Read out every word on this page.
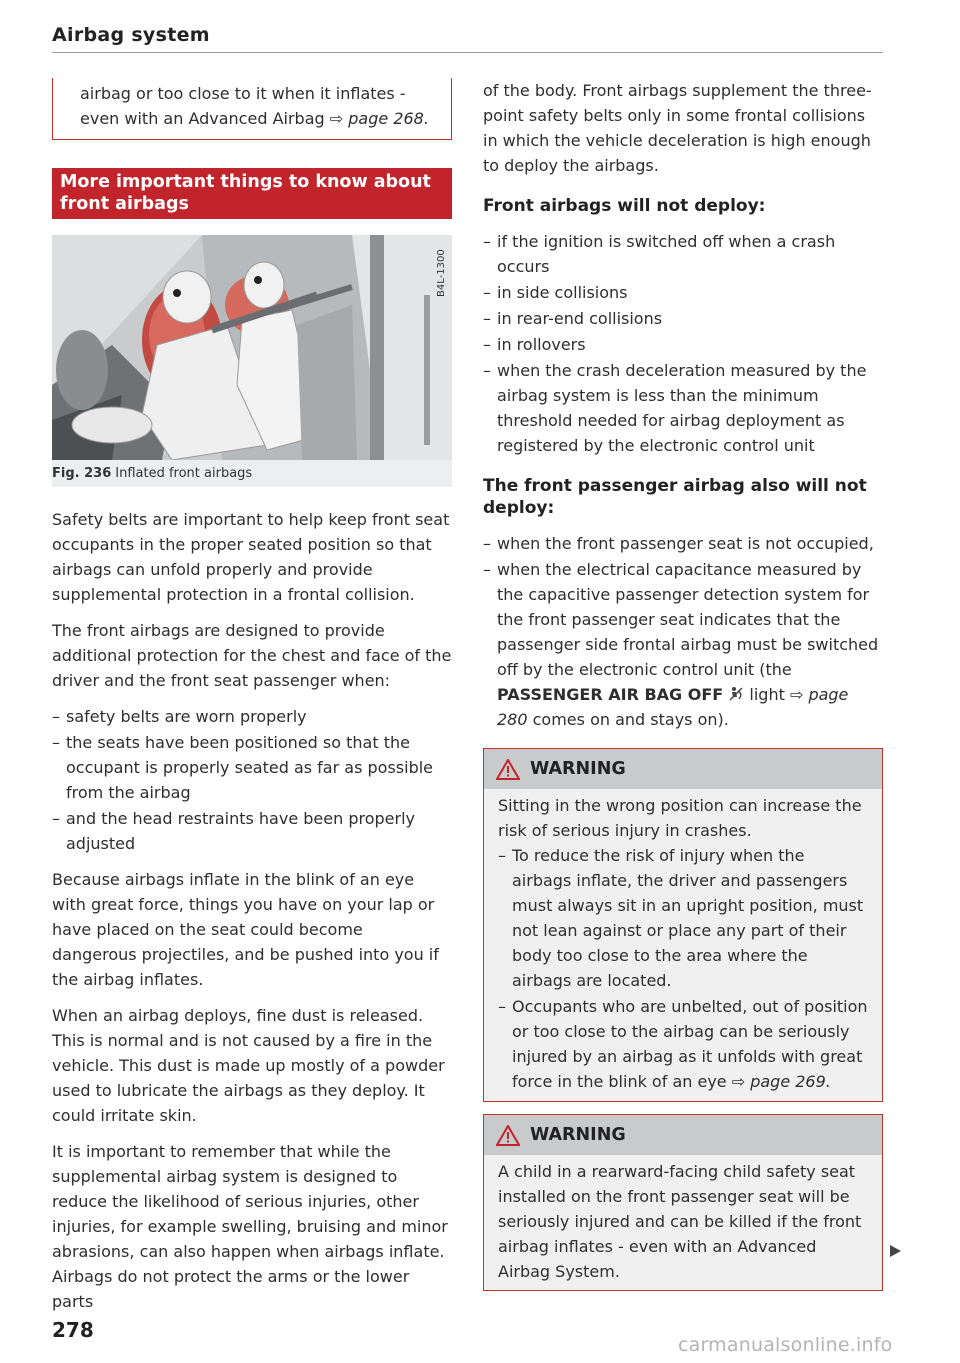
Airbag system
airbag or too close to it when it inflates - even with an Advanced Airbag ⇨ page 268.
More important things to know about front airbags
B4L-1300
Fig. 236 Inflated front airbags

Safety belts are important to help keep front seat occupants in the proper seated position so that airbags can unfold properly and provide supplemental protection in a frontal collision.

The front airbags are designed to provide additional protection for the chest and face of the driver and the front seat passenger when:

– safety belts are worn properly
– the seats have been positioned so that the occupant is properly seated as far as possible from the airbag
– and the head restraints have been properly adjusted

Because airbags inflate in the blink of an eye with great force, things you have on your lap or have placed on the seat could become dangerous projectiles, and be pushed into you if the airbag inflates.

When an airbag deploys, fine dust is released. This is normal and is not caused by a fire in the vehicle. This dust is made up mostly of a powder used to lubricate the airbags as they deploy. It could irritate skin.

It is important to remember that while the supplemental airbag system is designed to reduce the likelihood of serious injuries, other injuries, for example swelling, bruising and minor abrasions, can also happen when airbags inflate. Airbags do not protect the arms or the lower parts

of the body. Front airbags supplement the three-point safety belts only in some frontal collisions in which the vehicle deceleration is high enough to deploy the airbags.

Front airbags will not deploy:
– if the ignition is switched off when a crash occurs
– in side collisions
– in rear-end collisions
– in rollovers
– when the crash deceleration measured by the airbag system is less than the minimum threshold needed for airbag deployment as registered by the electronic control unit
The front passenger airbag also will not deploy:
– when the front passenger seat is not occupied,
– when the electrical capacitance measured by the capacitive passenger detection system for the front passenger seat indicates that the passenger side frontal airbag must be switched off by the electronic control unit (the PASSENGER AIR BAG OFF  light ⇨ page 280 comes on and stays on).
WARNING

Sitting in the wrong position can increase the risk of serious injury in crashes.

– To reduce the risk of injury when the airbags inflate, the driver and passengers must always sit in an upright position, must not lean against or place any part of their body too close to the area where the airbags are located.
– Occupants who are unbelted, out of position or too close to the airbag can be seriously injured by an airbag as it unfolds with great force in the blink of an eye ⇨ page 269.
WARNING

A child in a rearward-facing child safety seat installed on the front passenger seat will be seriously injured and can be killed if the front airbag inflates - even with an Advanced Airbag System.

278
carmanualsonline.info
